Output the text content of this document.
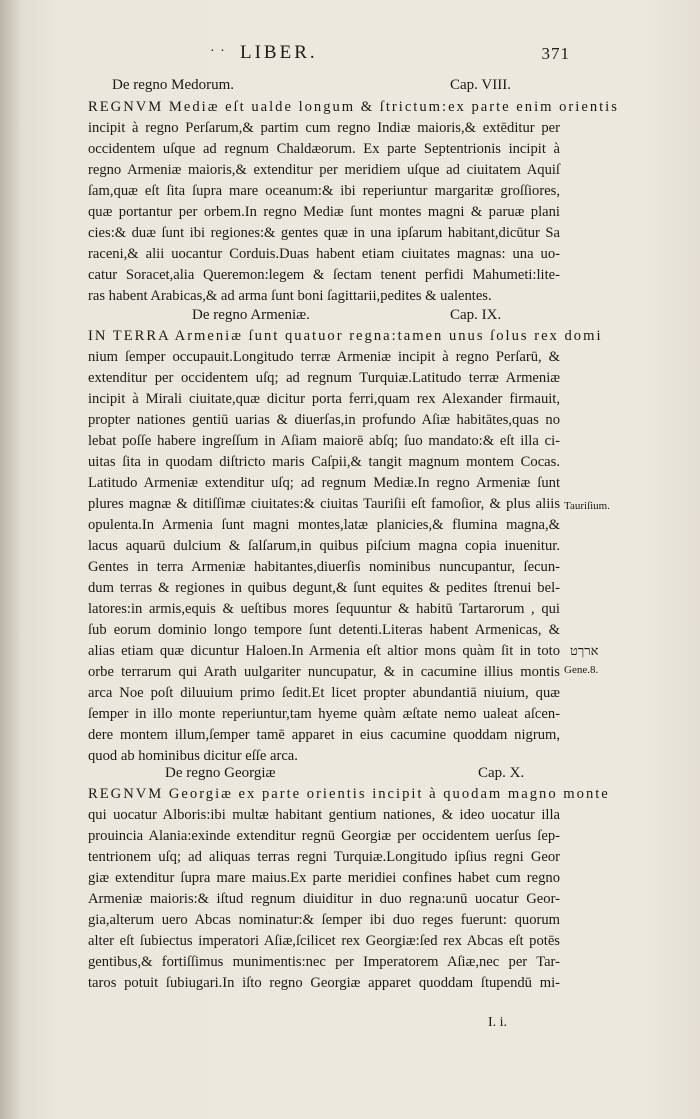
· · LIBER.	371
De regno Medorum.	Cap. VIII.
REGNVM Mediæ eſt ualde longum & ſtrictum:ex parte enim orientis
incipit à regno Perſarum,& partim cum regno Indiæ maioris,& extēditur per
occidentem uſque ad regnum Chaldæorum. Ex parte Septentrionis incipit à
regno Armeniæ maioris,& extenditur per meridiem uſque ad ciuitatem Aquiſ
ſam,quæ eſt ſita ſupra mare oceanum:& ibi reperiuntur margaritæ groſſiores,
quæ portantur per orbem.In regno Mediæ ſunt montes magni & paruæ plani
cies:& duæ ſunt ibi regiones:& gentes quæ in una ipſarum habitant,dicūtur Sa
raceni,& alii uocantur Corduis.Duas habent etiam ciuitates magnas: una uo-
catur Soracet,alia Queremon:legem & ſectam tenent perfidi Mahumeti:lite-
ras habent Arabicas,& ad arma ſunt boni ſagittarii,pedites & ualentes.
De regno Armeniæ.	Cap. IX.
IN TERRA Armeniæ ſunt quatuor regna:tamen unus ſolus rex domi
nium ſemper occupauit.Longitudo terræ Armeniæ incipit à regno Perſarū, &
extenditur per occidentem uſq; ad regnum Turquiæ.Latitudo terræ Armeniæ
incipit à Mirali ciuitate,quæ dicitur porta ferri,quam rex Alexander firmauit,
propter nationes gentiū uarias & diuerſas,in profundo Aſiæ habitātes,quas no
lebat poſſe habere ingreſſum in Aſiam maiorē abſq; ſuo mandato:& eſt illa ci-
uitas ſita in quodam diſtricto maris Caſpii,& tangit magnum montem Cocas.
Latitudo Armeniæ extenditur uſq; ad regnum Mediæ.In regno Armeniæ ſunt
plures magnæ & ditiſſimæ ciuitates:& ciuitas Tauriſii eſt famoſior, & plus aliis
opulenta.In Armenia ſunt magni montes,latæ planicies,& flumina magna,&
lacus aquarū dulcium & ſalſarum,in quibus piſcium magna copia inuenitur.
Gentes in terra Armeniæ habitantes,diuerſis nominibus nuncupantur, ſecun-
dum terras & regiones in quibus degunt,& ſunt equites & pedites ſtrenui bel-
latores:in armis,equis & ueſtibus mores ſequuntur & habitū Tartarorum , qui
ſub eorum dominio longo tempore ſunt detenti.Literas habent Armenicas, &
alias etiam quæ dicuntur Haloen.In Armenia eſt altior mons quàm ſit in toto
orbe terrarum qui Arath uulgariter nuncupatur, & in cacumine illius montis
arca Noe poſt diluuium primo ſedit.Et licet propter abundantiā niuium, quæ
ſemper in illo monte reperiuntur,tam hyeme quàm æſtate nemo ualeat aſcen-
dere montem illum,ſemper tamē apparet in eius cacumine quoddam nigrum,
quod ab hominibus dicitur eſſe arca.
De regno Georgiæ	Cap. X.
REGNVM Georgiæ ex parte orientis incipit à quodam magno monte
qui uocatur Alboris:ibi multæ habitant gentium nationes, & ideo uocatur illa
prouincia Alania:exinde extenditur regnū Georgiæ per occidentem uerſus ſep-
tentrionem uſq; ad aliquas terras regni Turquiæ.Longitudo ipſius regni Geor
giæ extenditur ſupra mare maius.Ex parte meridiei confines habet cum regno
Armeniæ maioris:& iſtud regnum diuiditur in duo regna:unū uocatur Geor-
gia,alterum uero Abcas nominatur:& ſemper ibi duo reges fuerunt: quorum
alter eſt ſubiectus imperatori Aſiæ,ſcilicet rex Georgiæ:ſed rex Abcas eſt potēs
gentibus,& fortiſſimus munimentis:nec per Imperatorem Aſiæ,nec per Tar-
taros potuit ſubiugari.In iſto regno Georgiæ apparet quoddam ſtupendū mi-
Tauriſium.
ארךט
Gene.8.
I. i.
